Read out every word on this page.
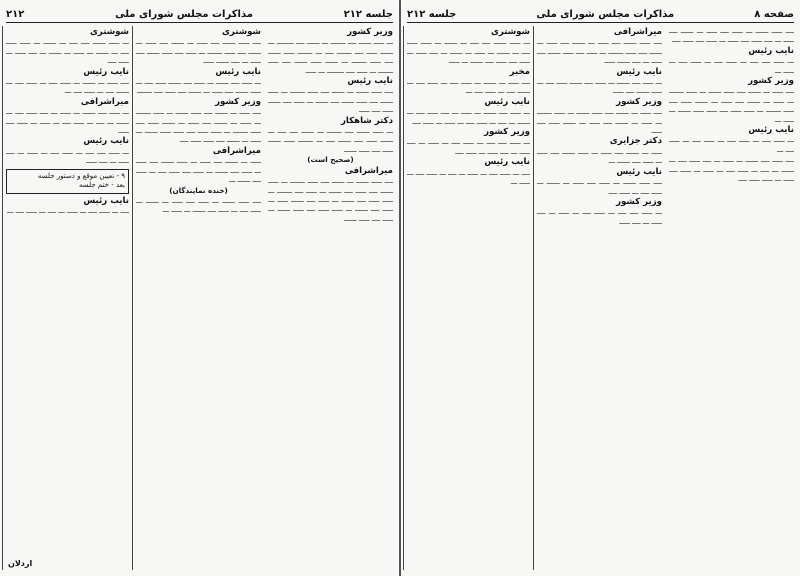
جلسه ۲۱۲
مذاکرات مجلس شورای ملی
۲۱۲
وزیر کشور

ـــ ـــــ ــــــ ــــ ـــــــ ـــ ــــــ ــــ ــــــــ ـــ ــــــ ـــــ ــــ ـــــــ ــــ ـــ ـــــــ ـــــ ــــــ ــــ ـــــ ـــــــ ـــ ــــــ ـــــ ــــــ ــــ ـــــ ـــــــ ـــ ـــــ ــــ ــــــــ ـــ ـــــ

نایب رئیس

ــــ ـــــ ــــــ ـــ ــــــ ــــ ـــــ ـــــــ ـــ ـــــ ــــــ ــــ ـــــ ــــــ ــــ ــــــ ـــ ـــــ ــــ ــــــ ـــــ ــــ ـــــ

دکتر شاهکار

ـــ ـــــ ــــــ ــــ ـــــــ ـــ ــــــ ــــ ــــ ـــ ــــــ ـــــ ــــ ــــــ ــــ ـــ ـــــــ ـــــ ــــــ ـــــ ــــ ـــــ ــــــ

(صحیح است)

میراشرافی

ــــ ـــــ ــــــ ـــ ــــــ ــــ ـــــ ـــــــ ـــ ـــــ ــــــ ــــ ـــــ ــــ ــــــ ـــ ـــــ ــــ ـــــــ ـــ ـــــ ـــــ ــــ ــــــ ـــ ـــــ ــــ ــــــ ـــــ ـــ ـــــ ــــ ــــــ ـــ ـــــ ـــــ ــــ ـــــ ــــــ ـــ ـــــ ــــ ـــــ ــــــ

شوشتری

ــــ ـــــ ــــــ ــــ ـــــ ـــ ــــــ ــــ ـــــ ـــ ــــــ ــــ ـــــ ـــــــ ـــ ـــــ ــــ ـــــ ــــــ ــــ ـــــ ـــ ــــ ــــــ ـــــ

نایب رئیس

ـــ ـــــ ــــ ــــــ ـــ ـــــ ــــ ــــــ ـــــ ــــ ـــ ـــــ ــــــ ــــ ـــــ ـــ ــــــ ــــ ـــــ ــــ ـــــــ

وزیر کشور

ــــ ـــــ ـــ ــــــ ــــ ـــــ ــــــ ـــ ـــــ ـــــــ ـــ ـــــ ـــ ــــــ ــــ ـــــ ـــ ــــــ ـــــ ــــ ـــــ ـــــــ ـــ ـــــ ـــــ ــــ ـــــ ـــــ ــــــ ـــ ـــــ ـــ ــــــ ــــ ـــــ ـــــ ــــ

میراشرافی

ـــــ ـــ ــــــ ــــ ـــــ ـــ ـــــ ــــــ ــــ ـــــ ـــ ـــــ ــــ ــــــ ـــ ـــــ ــــ ـــــ ــــ ـــ ـــــ ــــ ــــــ ـــ

(خنده نمایندگان)

ــــ ـــــ ــــــ ـــ ـــــ ــــ ـــــ ـــ ــــــ ـــ ـــــ ــــ ـــ ـــــ ــــ ــــــ ـــ ـــــ ـــ

شوشتری

ـــ ـــــ ــــــ ــــ ــــ ـــ ــــــ ـــ ـــــ ـــــ ــــ ـــ ــــــ ـــ ـــــ ـــ ــــــ ـــ ــــ ـــــ ـــ ـــــ ــــ

نایب رئیس

ــــ ـــــ ـــ ــــــ ـــ ـــــ ــــ ـــ ـــــ ــــ ـــ ــــــ ــــ ـــ ـــــ ــــ ـــ

میراشرافی

ـــ ـــــ ــــ ــــــ ـــ ـــــ ـــ ــــ ـــــ ــــ ـــ ــــــ ـــ ــــ ـــ ـــــ ــــ ـــ ـــــ ـــ ـــــ ــــ ـــــ

نایب رئیس

ـــ ـــــ ــــ ــــ ـــ ـــــ ــــ ـــ ـــــ ـــ ــــ ـــــ ـــ ــــ ـــــ

۹ - تعیین موقع و دستور جلسه
بعد - ختم جلسه
نایب رئیس

ــــ ـــ ـــــ ــــ ـــ ـــــ ـــ ــــ ـــ ـــــ ــــ ـــ

اردلان
صفحه ۸
مذاکرات مجلس شورای ملی
جلسه ۲۱۲

ــــ ـــــ ــــــ ـــ ـــــ ــــ ـــــ ـــ ــــــ ــــ ـــــ ـــ ــــ ـــــ ــــ ـــــ ـــ ـــــ ــــ ـــــ ــــ

نایب رئیس

ـــ ـــــ ــــ ــــ ـــ ـــــ ــــ ـــ ـــــ ــــ ـــ ـــــ ـــ

وزیر کشور

ــــ ـــــ ـــ ــــــ ــــ ـــــ ــــــ ـــ ـــــ ـــــــ ـــ ـــــ ـــ ــــــ ــــ ـــــ ـــ ــــــ ـــــ ــــ ـــــ ـــــــ ـــ ـــــ ـــــ ــــ ـــــ ـــــ ــــــ ـــ ـــــ ـــ

نایب رئیس

ـــ ـــــ ــــ ـــ ـــــ ــــ ـــ ـــــ ــــ ـــ ـــــ ــــ ـــ

ــــ ـــــ ــــ ــــــ ـــ ـــــ ـــ ــــ ـــــ ــــ ـــ ــــــ ـــ ــــ ـــ ـــــ ــــ ـــ ـــــ ـــ ـــــ ــــ ـــــ ـــ ـــــ ـــــ ــــ

میراشرافی

ــــ ـــــ ــــــ ــــ ـــــ ـــ ــــــ ــــ ـــــ ـــ ــــــ ــــ ـــــ ـــــــ ـــ ـــــ ــــ ـــــ ــــــ ــــ ـــــ ـــ ــــ ــــــ ـــــ

نایب رئیس

ـــ ـــــ ــــ ــــــ ـــ ـــــ ــــ ــــــ ـــــ ــــ ـــ ـــــ ــــــ ــــ ـــــ

وزیر کشور

ــــ ـــــ ـــ ــــــ ــــ ـــــ ــــــ ـــ ـــــ ـــــــ ـــ ـــــ ـــ ــــــ ــــ ـــــ ـــ ــــــ ـــــ ــــ ـــــ

دکتر جزایری

ـــــ ـــ ــــــ ــــ ـــــ ـــ ـــــ ــــــ ــــ ـــــ ـــ ـــــ ــــ ــــــ ـــ

نایب رئیس

ــــ ـــــ ــــــ ـــ ـــــ ــــ ـــــ ـــ ــــــ ـــ ـــــ ــــ ـــ ـــــ ــــ

وزیر کشور

ـــ ـــــ ــــ ــــ ـــ ـــــ ــــ ـــ ـــــ ـــ ــــ ـــــ ـــ ــــ ـــــ

شوشتری

ـــ ـــــ ــــــ ــــ ــــ ـــ ــــــ ـــ ـــــ ـــــ ــــ ـــ ــــــ ـــ ـــــ ـــ ــــــ ـــ ــــ ـــــ ـــ ـــــ ــــ ـــــ ــــ ــــــ ـــ ـــــ

مخبر

ــــ ـــــ ـــ ــــــ ـــ ـــــ ــــ ـــ ـــــ ــــ ـــ ــــــ ــــ ـــ ـــــ ــــ ـــ

نایب رئیس

ـــ ـــــ ــــ ــــــ ـــ ـــــ ـــ ــــ ـــــ ــــ ـــ ــــــ ـــ ــــ ـــ ـــــ ــــ ـــ ـــــ ـــ ـــــ ــــ

وزیر کشور

ـــ ـــــ ــــ ــــ ـــ ـــــ ــــ ـــ ـــــ ـــ ــــ ـــــ ـــ ــــ ـــــ ـــ ـــــ ــــ

نایب رئیس

ــــ ـــ ـــــ ــــ ـــ ـــــ ـــ ــــ ـــ ـــــ ــــ ـــ ـــــ ـــ
